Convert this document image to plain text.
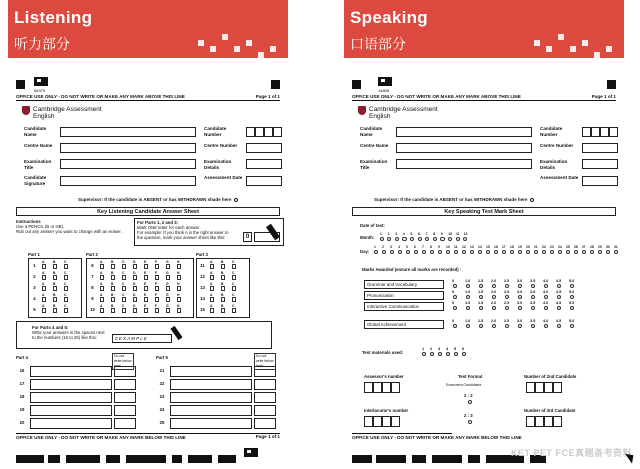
Listening
听力部分
56379
OFFICE USE ONLY - DO NOT WRITE OR MAKE ANY MARK ABOVE THIS LINE	Page 1 of 1
Cambridge Assessment
English
Candidate Name
Centre Name
Examination Title
Candidate Signature
Candidate Number
Centre Number
Examination Details
Assessment Date
Supervisor: If the candidate is ABSENT or has WITHDRAWN shade here
Key Listening Candidate Answer Sheet
Instructions
Use a PENCIL (B or HB).
Rub out any answer you want to change with an eraser.
For Parts 1, 2 and 3:
Mark ONE letter for each answer.
For example: If you think A is the right answer to
the question, mark your answer sheet like this:	0
Part 1
1
A	B	C
2
A	B	C
3
A	B	C
4
A	B	C
5
A	B	C
Part 2
6
A	B	C	D	E	F	G H
7
A	B	C	D	E	F	G H
8
A	B	C	D	E	F	G H
9
A	B	C	D	E	F	G H
10
A	B	C	D	E	F	G H
Part 3
11
A	B	C
12
A	B	C
13
A	B	C
14
A	B	C
15
A	B	C
For Parts 4 and 5:
Write your answers in the spaces next
to the numbers (16 to 25) like this:	0 E X A M P L E
Part 4	Part 5
Do not write below here
Do not write below here
16
17
18
19
20
21
22
23
24
25
OFFICE USE ONLY - DO NOT WRITE OR MAKE ANY MARK BELOW THIS LINE	Page 1 of 1
Speaking
口语部分
14808
OFFICE USE ONLY - DO NOT WRITE OR MAKE ANY MARK ABOVE THIS LINE	Page 1 of 1
Cambridge Assessment
English
Candidate Name
Centre Name
Examination Title
Candidate Number
Centre Number
Examination Details
Assessment Date
Supervisor: If the candidate is ABSENT or has WITHDRAWN shade here
Key Speaking Test Mark Sheet
Date of test:
Month:
Day:
1 2 3 4 5 6 7 8 9 10 11 12
1 2 3 4 5 6 7 8 9 10 11 12 13 14 15 16 17 18 19 20 21 22 23 24 25 26 27 28 29 30 31
Marks Awarded (ensure all marks are recorded) :
Grammar and Vocabulary
0	1.0 1.5 2.0 2.5 3.0 3.5 4.0 4.5 5.0
Pronunciation
0	1.0 1.5 2.0 2.5 3.0 3.5 4.0 4.5 5.0
Interactive Communication
0	1.0 1.5 2.0 2.5 3.0 3.5 4.0 4.5 5.0
Global Achievement
0	1.0 1.5 2.0 2.5 3.0 3.5 4.0 4.5 5.0
Test materials used:
1 2 3 4 5 6
Assessor's number	Test Format
Examiners:Candidates
Number of 2nd Candidate
2 : 2
Interlocutor's number
2 : 3
Number of 3rd Candidate
OFFICE USE ONLY - DO NOT WRITE OR MAKE ANY MARK BELOW THIS LINE
KET PET FCE真题备考资料
